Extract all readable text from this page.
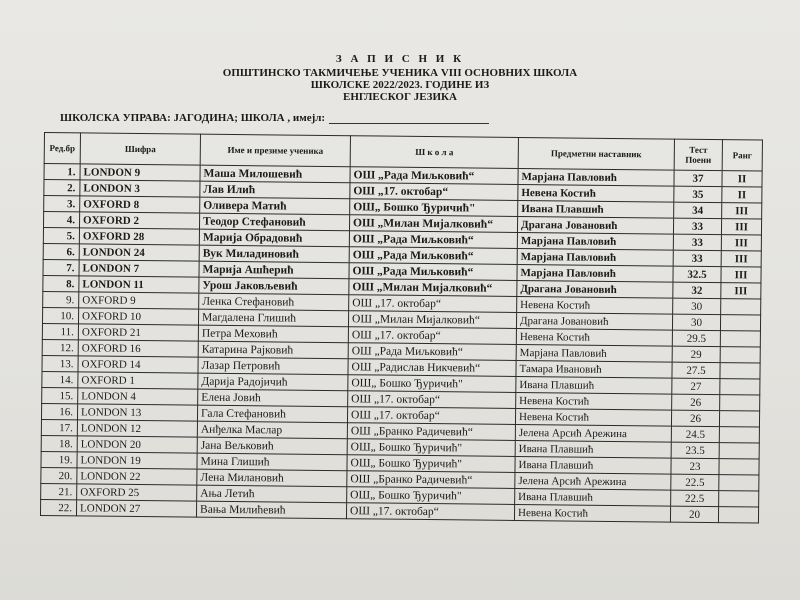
З А П И С Н И К
ОПШТИНСКО ТАКМИЧЕЊЕ УЧЕНИКА VIII ОСНОВНИХ ШКОЛА
ШКОЛСКЕ 2022/2023. ГОДИНЕ ИЗ
ЕНГЛЕСКОГ ЈЕЗИКА
ШКОЛСКА УПРАВА: ЈАГОДИНА; ШКОЛА , имејл:
Ред.бр	Шифра	Име и презиме ученика	Ш к о л а	Предметни наставник	Тест Поени	Ранг
1.	LONDON 9	Маша Милошевић	ОШ „Рада Миљковић“	Марјана Павловић	37	II
2.	LONDON 3	Лав Илић	ОШ „17. октобар“	Невена Костић	35	II
3.	OXFORD 8	Оливера Матић	ОШ„ Бошко Ђуричић"	Ивана Плавшић	34	III
4.	OXFORD 2	Теодор Стефановић	ОШ „Милан Мијалковић“	Драгана Јовановић	33	III
5.	OXFORD 28	Марија Обрадовић	ОШ „Рада Миљковић“	Марјана Павловић	33	III
6.	LONDON 24	Вук Миладиновић	ОШ „Рада Миљковић“	Марјана Павловић	33	III
7.	LONDON 7	Марија Ашћерић	ОШ „Рада Миљковић“	Марјана Павловић	32.5	III
8.	LONDON 11	Урош Јаковљевић	ОШ „Милан Мијалковић“	Драгана Јовановић	32	III
9.	OXFORD 9	Ленка Стефановић	ОШ „17. октобар“	Невена Костић	30	
10.	OXFORD 10	Магдалена Глишић	ОШ „Милан Мијалковић“	Драгана Јовановић	30	
11.	OXFORD 21	Петра Меховић	ОШ „17. октобар“	Невена Костић	29.5	
12.	OXFORD 16	Катарина Рајковић	ОШ „Рада Миљковић“	Марјана Павловић	29	
13.	OXFORD 14	Лазар Петровић	ОШ „Радислав Никчевић“	Тамара Ивановић	27.5	
14.	OXFORD 1	Дарија Радојичић	ОШ„ Бошко Ђуричић"	Ивана Плавшић	27	
15.	LONDON 4	Елена Јовић	ОШ „17. октобар“	Невена Костић	26	
16.	LONDON 13	Гала Стефановић	ОШ „17. октобар“	Невена Костић	26	
17.	LONDON 12	Анђелка Маслар	ОШ „Бранко Радичевић“	Јелена Арсић Арежина	24.5	
18.	LONDON 20	Јана Вељковић	ОШ„ Бошко Ђуричић"	Ивана Плавшић	23.5	
19.	LONDON 19	Мина Глишић	ОШ„ Бошко Ђуричић"	Ивана Плавшић	23	
20.	LONDON 22	Лена Милановић	ОШ „Бранко Радичевић“	Јелена Арсић Арежина	22.5	
21.	OXFORD 25	Ања Летић	ОШ„ Бошко Ђуричић"	Ивана Плавшић	22.5	
22.	LONDON 27	Вања Милићевић	ОШ „17. октобар“	Невена Костић	20	
